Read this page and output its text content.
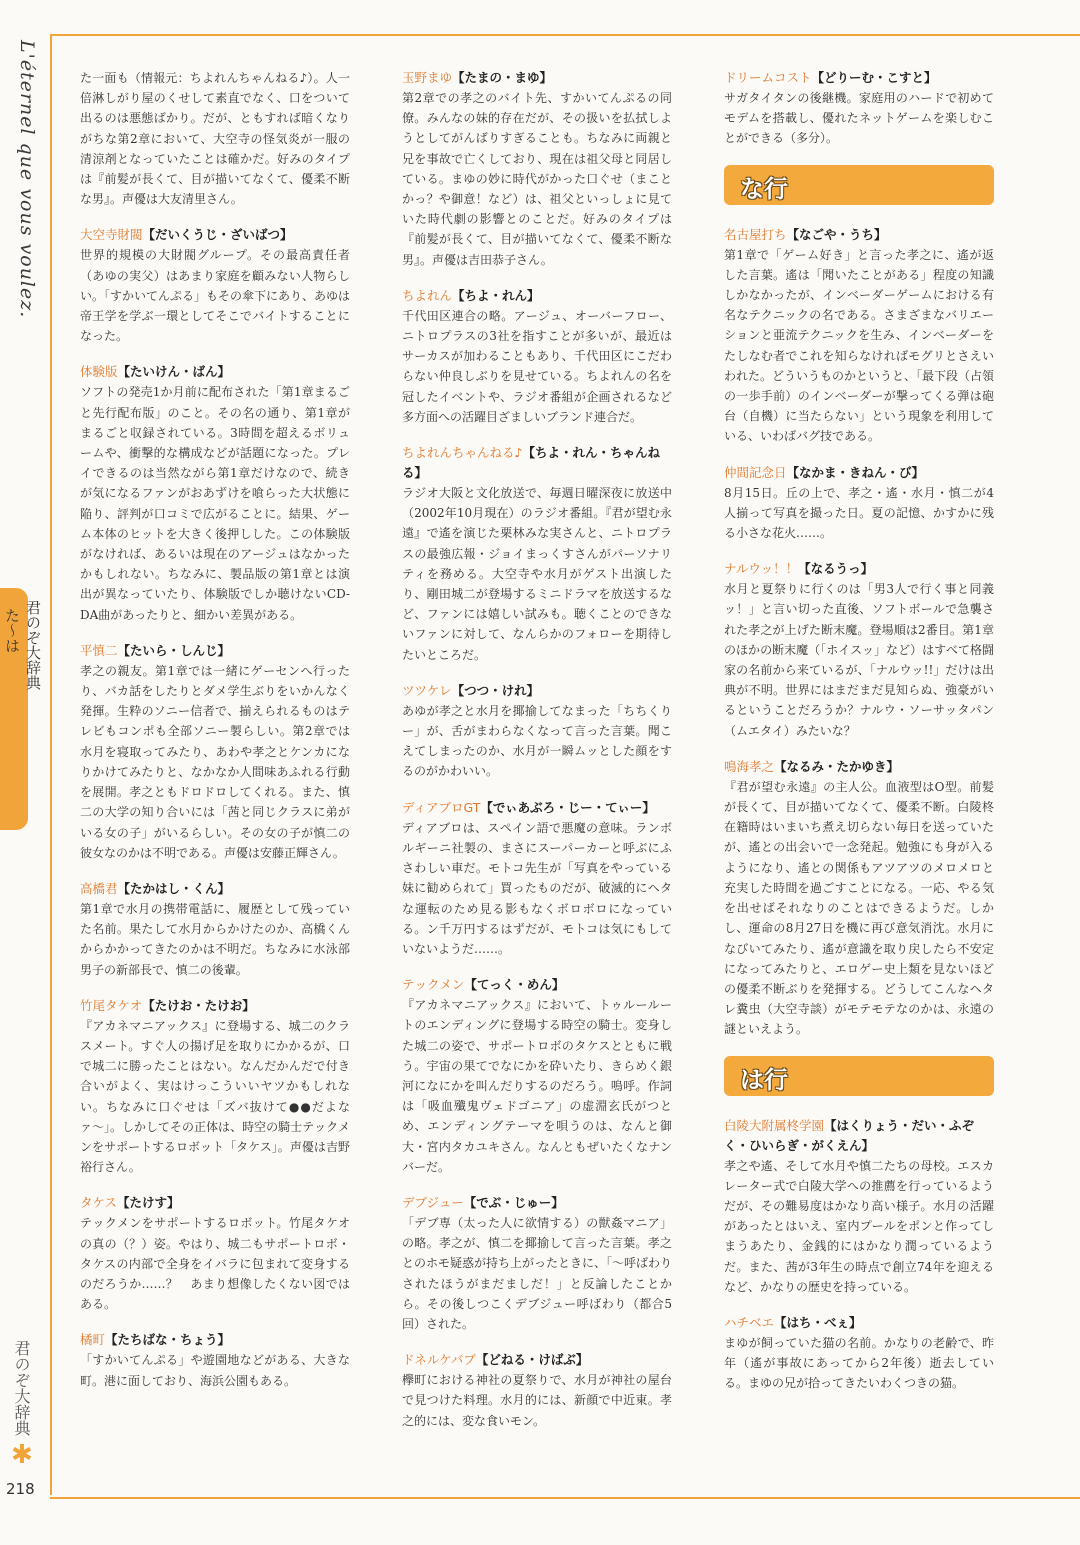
L'éternel que vous voulez.
君のぞ大辞典
た〜は
君のぞ大辞典
✱
218

た一面も（情報元：ちよれんちゃんねる♪）。人一倍淋しがり屋のくせして素直でなく、口をついて出るのは悪態ばかり。だが、ともすれば暗くなりがちな第2章において、大空寺の怪気炎が一服の清涼剤となっていたことは確かだ。好みのタイプは『前髪が長くて、目が描いてなくて、優柔不断な男』。声優は大友清里さん。

大空寺財閥【だいくうじ・ざいばつ】

世界的規模の大財閥グループ。その最高責任者（あゆの実父）はあまり家庭を顧みない人物らしい。「すかいてんぷる」もその傘下にあり、あゆは帝王学を学ぶ一環としてそこでバイトすることになった。

体験版【たいけん・ばん】

ソフトの発売1か月前に配布された「第1章まるごと先行配布版」のこと。その名の通り、第1章がまるごと収録されている。3時間を超えるボリュームや、衝撃的な構成などが話題になった。プレイできるのは当然ながら第1章だけなので、続きが気になるファンがおあずけを喰らった大状態に陥り、評判が口コミで広がることに。結果、ゲーム本体のヒットを大きく後押しした。この体験版がなければ、あるいは現在のアージュはなかったかもしれない。ちなみに、製品版の第1章とは演出が異なっていたり、体験版でしか聴けないCD-DA曲があったりと、細かい差異がある。

平慎二【たいら・しんじ】

孝之の親友。第1章では一緒にゲーセンへ行ったり、バカ話をしたりとダメ学生ぶりをいかんなく発揮。生粋のソニー信者で、揃えられるものはテレビもコンポも全部ソニー製らしい。第2章では水月を寝取ってみたり、あわや孝之とケンカになりかけてみたりと、なかなか人間味あふれる行動を展開。孝之ともドロドロしてくれる。また、慎二の大学の知り合いには「茜と同じクラスに弟がいる女の子」がいるらしい。その女の子が慎二の彼女なのかは不明である。声優は安藤正輝さん。

高橋君【たかはし・くん】

第1章で水月の携帯電話に、履歴として残っていた名前。果たして水月からかけたのか、高橋くんからかかってきたのかは不明だ。ちなみに水泳部男子の新部長で、慎二の後輩。

竹尾タケオ【たけお・たけお】

『アカネマニアックス』に登場する、城二のクラスメート。すぐ人の揚げ足を取りにかかるが、口で城二に勝ったことはない。なんだかんだで付き合いがよく、実はけっこういいヤツかもしれない。ちなみに口ぐせは「ズバ抜けて●●だよなァ〜」。しかしてその正体は、時空の騎士テックメンをサポートするロボット「タケス」。声優は吉野裕行さん。

タケス【たけす】

テックメンをサポートするロボット。竹尾タケオの真の（？）姿。やはり、城二もサポートロボ・タケスの内部で全身をイバラに包まれて変身するのだろうか……？　あまり想像したくない図ではある。

橘町【たちばな・ちょう】

「すかいてんぷる」や遊園地などがある、大きな町。港に面しており、海浜公園もある。

玉野まゆ【たまの・まゆ】

第2章での孝之のバイト先、すかいてんぷるの同僚。みんなの妹的存在だが、その扱いを払拭しようとしてがんばりすぎることも。ちなみに両親と兄を事故で亡くしており、現在は祖父母と同居している。まゆの妙に時代がかった口ぐせ（まことかっ？や御意！など）は、祖父といっしょに見ていた時代劇の影響とのことだ。好みのタイプは『前髪が長くて、目が描いてなくて、優柔不断な男』。声優は吉田恭子さん。

ちよれん【ちよ・れん】

千代田区連合の略。アージュ、オーバーフロー、ニトロプラスの3社を指すことが多いが、最近はサーカスが加わることもあり、千代田区にこだわらない仲良しぶりを見せている。ちよれんの名を冠したイベントや、ラジオ番組が企画されるなど多方面への活躍目ざましいブランド連合だ。

ちよれんちゃんねる♪【ちよ・れん・ちゃんねる】

ラジオ大阪と文化放送で、毎週日曜深夜に放送中（2002年10月現在）のラジオ番組。『君が望む永遠』で遙を演じた栗林みな実さんと、ニトロプラスの最強広報・ジョイまっくすさんがパーソナリティを務める。大空寺や水月がゲスト出演したり、剛田城二が登場するミニドラマを放送するなど、ファンには嬉しい試みも。聴くことのできないファンに対して、なんらかのフォローを期待したいところだ。

ツツケレ【つつ・けれ】

あゆが孝之と水月を揶揄してなまった「ちちくりー」が、舌がまわらなくなって言った言葉。聞こえてしまったのか、水月が一瞬ムッとした顔をするのがかわいい。

ディアブロGT【でぃあぶろ・じー・てぃー】

ディアブロは、スペイン語で悪魔の意味。ランボルギーニ社製の、まさにスーパーカーと呼ぶにふさわしい車だ。モトコ先生が「写真をやっている妹に勧められて」買ったものだが、破滅的にヘタな運転のため見る影もなくボロボロになっている。ン千万円するはずだが、モトコは気にもしていないようだ……。

テックメン【てっく・めん】

『アカネマニアックス』において、トゥルールートのエンディングに登場する時空の騎士。変身した城二の姿で、サポートロボのタケスとともに戦う。宇宙の果てでなにかを砕いたり、きらめく銀河になにかを叫んだりするのだろう。嗚呼。作詞は「吸血殲鬼ヴェドゴニア」の虚淵玄氏がつとめ、エンディングテーマを唄うのは、なんと御大・宮内タカユキさん。なんともぜいたくなナンバーだ。

デブジュー【でぶ・じゅー】

「デブ専（太った人に欲情する）の獣姦マニア」の略。孝之が、慎二を揶揄して言った言葉。孝之とのホモ疑惑が持ち上がったときに、「〜呼ばわりされたほうがまだましだ！」と反論したことから。その後しつこくデブジュー呼ばわり（都合5回）された。

ドネルケバブ【どねる・けばぶ】

欅町における神社の夏祭りで、水月が神社の屋台で見つけた料理。水月的には、新顔で中近東。孝之的には、変な食いモン。

ドリームコスト【どりーむ・こすと】

サガタイタンの後継機。家庭用のハードで初めてモデムを搭載し、優れたネットゲームを楽しむことができる（多分）。

な行
名古屋打ち【なごや・うち】

第1章で「ゲーム好き」と言った孝之に、遙が返した言葉。遙は「聞いたことがある」程度の知識しかなかったが、インベーダーゲームにおける有名なテクニックの名である。さまざまなバリエーションと亜流テクニックを生み、インベーダーをたしなむ者でこれを知らなければモグリとさえいわれた。どういうものかというと、「最下段（占領の一歩手前）のインベーダーが撃ってくる弾は砲台（自機）に当たらない」という現象を利用している、いわばバグ技である。

仲間記念日【なかま・きねん・び】

8月15日。丘の上で、孝之・遙・水月・慎二が4人揃って写真を撮った日。夏の記憶、かすかに残る小さな花火……。

ナルウッ！！【なるうっ】

水月と夏祭りに行くのは「男3人で行く事と同義ッ！」と言い切った直後、ソフトボールで急襲された孝之が上げた断末魔。登場順は2番目。第1章のほかの断末魔（「ホイスッ」など）はすべて格闘家の名前から来ているが、「ナルウッ!!」だけは出典が不明。世界にはまだまだ見知らぬ、強豪がいるということだろうか？ナルウ・ソーサッタパン（ムエタイ）みたいな？

鳴海孝之【なるみ・たかゆき】

『君が望む永遠』の主人公。血液型はO型。前髪が長くて、目が描いてなくて、優柔不断。白陵柊在籍時はいまいち煮え切らない毎日を送っていたが、遙との出会いで一念発起。勉強にも身が入るようになり、遙との関係もアツアツのメロメロと充実した時間を過ごすことになる。一応、やる気を出せばそれなりのことはできるようだ。しかし、運命の8月27日を機に再び意気消沈。水月になびいてみたり、遙が意識を取り戻したら不安定になってみたりと、エロゲー史上類を見ないほどの優柔不断ぶりを発揮する。どうしてこんなヘタレ糞虫（大空寺談）がモテモテなのかは、永遠の謎といえよう。

は行
白陵大附属柊学園【はくりょう・だい・ふぞく・ひいらぎ・がくえん】

孝之や遙、そして水月や慎二たちの母校。エスカレーター式で白陵大学への推薦を行っているようだが、その難易度はかなり高い様子。水月の活躍があったとはいえ、室内プールをポンと作ってしまうあたり、金銭的にはかなり潤っているようだ。また、茜が3年生の時点で創立74年を迎えるなど、かなりの歴史を持っている。

ハチベエ【はち・べぇ】

まゆが飼っていた猫の名前。かなりの老齢で、昨年（遙が事故にあってから2年後）逝去している。まゆの兄が拾ってきたいわくつきの猫。
